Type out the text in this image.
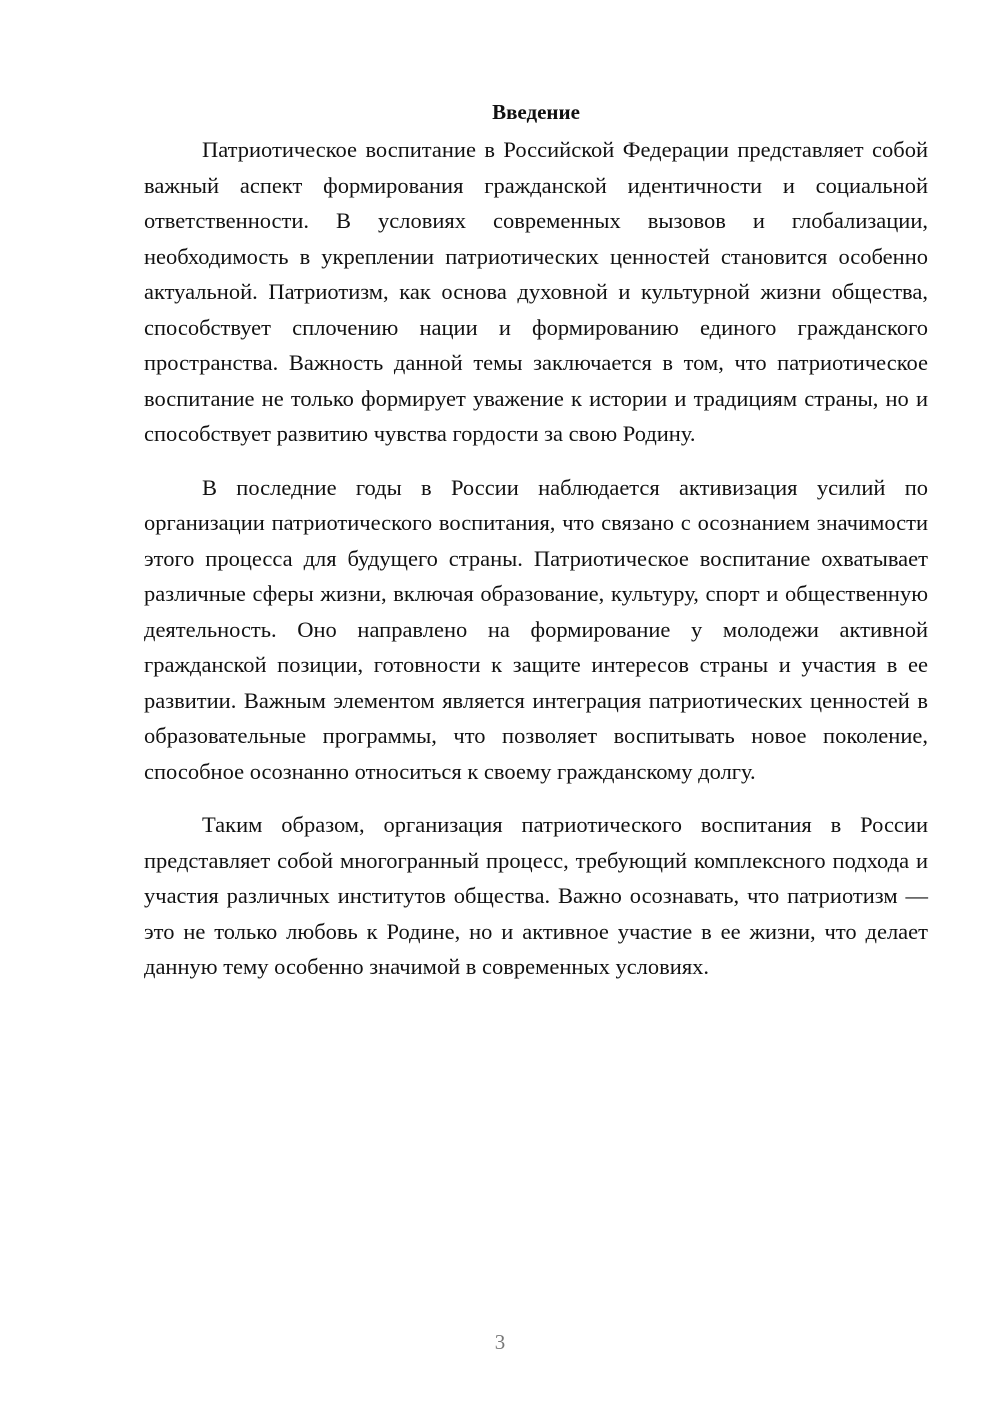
Введение

Патриотическое воспитание в Российской Федерации представляет собой важный аспект формирования гражданской идентичности и социальной ответственности. В условиях современных вызовов и глобализации, необходимость в укреплении патриотических ценностей становится особенно актуальной. Патриотизм, как основа духовной и культурной жизни общества, способствует сплочению нации и формированию единого гражданского пространства. Важность данной темы заключается в том, что патриотическое воспитание не только формирует уважение к истории и традициям страны, но и способствует развитию чувства гордости за свою Родину.

В последние годы в России наблюдается активизация усилий по организации патриотического воспитания, что связано с осознанием значимости этого процесса для будущего страны. Патриотическое воспитание охватывает различные сферы жизни, включая образование, культуру, спорт и общественную деятельность. Оно направлено на формирование у молодежи активной гражданской позиции, готовности к защите интересов страны и участия в ее развитии. Важным элементом является интеграция патриотических ценностей в образовательные программы, что позволяет воспитывать новое поколение, способное осознанно относиться к своему гражданскому долгу.

Таким образом, организация патриотического воспитания в России представляет собой многогранный процесс, требующий комплексного подхода и участия различных институтов общества. Важно осознавать, что патриотизм — это не только любовь к Родине, но и активное участие в ее жизни, что делает данную тему особенно значимой в современных условиях.

3
